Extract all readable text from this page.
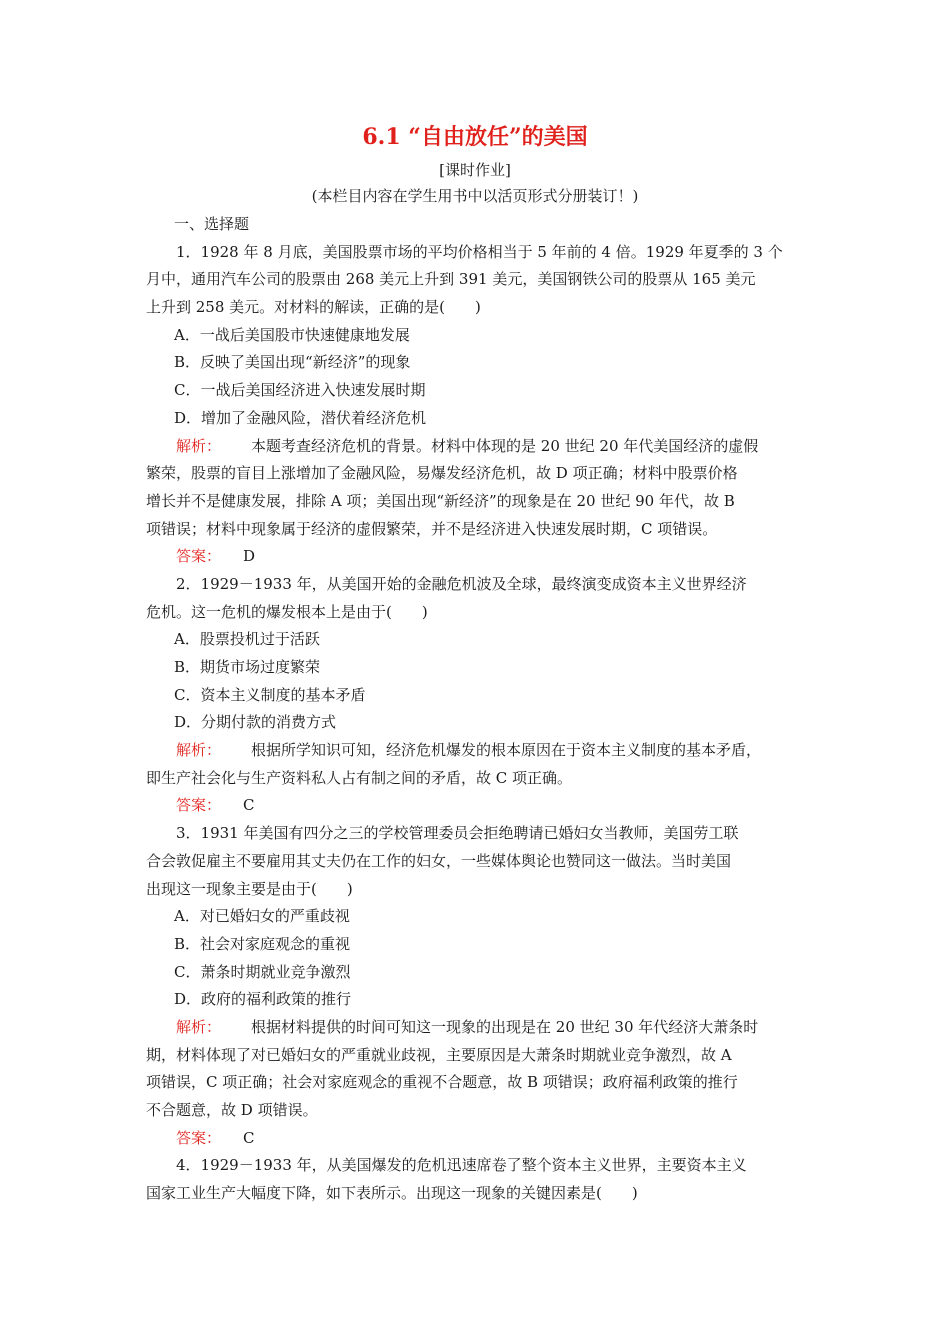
6.1 “自由放任”的美国
[课时作业]
(本栏目内容在学生用书中以活页形式分册装订！)
一、选择题
1．1928 年 8 月底，美国股票市场的平均价格相当于 5 年前的 4 倍。1929 年夏季的 3 个
月中，通用汽车公司的股票由 268 美元上升到 391 美元，美国钢铁公司的股票从 165 美元
上升到 258 美元。对材料的解读，正确的是(　　)
A．一战后美国股市快速健康地发展
B．反映了美国出现“新经济”的现象
C．一战后美国经济进入快速发展时期
D．增加了金融风险，潜伏着经济危机
解析： 本题考查经济危机的背景。材料中体现的是 20 世纪 20 年代美国经济的虚假
繁荣，股票的盲目上涨增加了金融风险，易爆发经济危机，故 D 项正确；材料中股票价格
增长并不是健康发展，排除 A 项；美国出现“新经济”的现象是在 20 世纪 90 年代，故 B
项错误；材料中现象属于经济的虚假繁荣，并不是经济进入快速发展时期，C 项错误。
答案： D
2．1929－1933 年，从美国开始的金融危机波及全球，最终演变成资本主义世界经济
危机。这一危机的爆发根本上是由于(　　)
A．股票投机过于活跃
B．期货市场过度繁荣
C．资本主义制度的基本矛盾
D．分期付款的消费方式
解析： 根据所学知识可知，经济危机爆发的根本原因在于资本主义制度的基本矛盾，
即生产社会化与生产资料私人占有制之间的矛盾，故 C 项正确。
答案： C
3．1931 年美国有四分之三的学校管理委员会拒绝聘请已婚妇女当教师，美国劳工联
合会敦促雇主不要雇用其丈夫仍在工作的妇女，一些媒体舆论也赞同这一做法。当时美国
出现这一现象主要是由于(　　)
A．对已婚妇女的严重歧视
B．社会对家庭观念的重视
C．萧条时期就业竞争激烈
D．政府的福利政策的推行
解析： 根据材料提供的时间可知这一现象的出现是在 20 世纪 30 年代经济大萧条时
期，材料体现了对已婚妇女的严重就业歧视，主要原因是大萧条时期就业竞争激烈，故 A
项错误，C 项正确；社会对家庭观念的重视不合题意，故 B 项错误；政府福利政策的推行
不合题意，故 D 项错误。
答案： C
4．1929－1933 年，从美国爆发的危机迅速席卷了整个资本主义世界，主要资本主义
国家工业生产大幅度下降，如下表所示。出现这一现象的关键因素是(　　)
